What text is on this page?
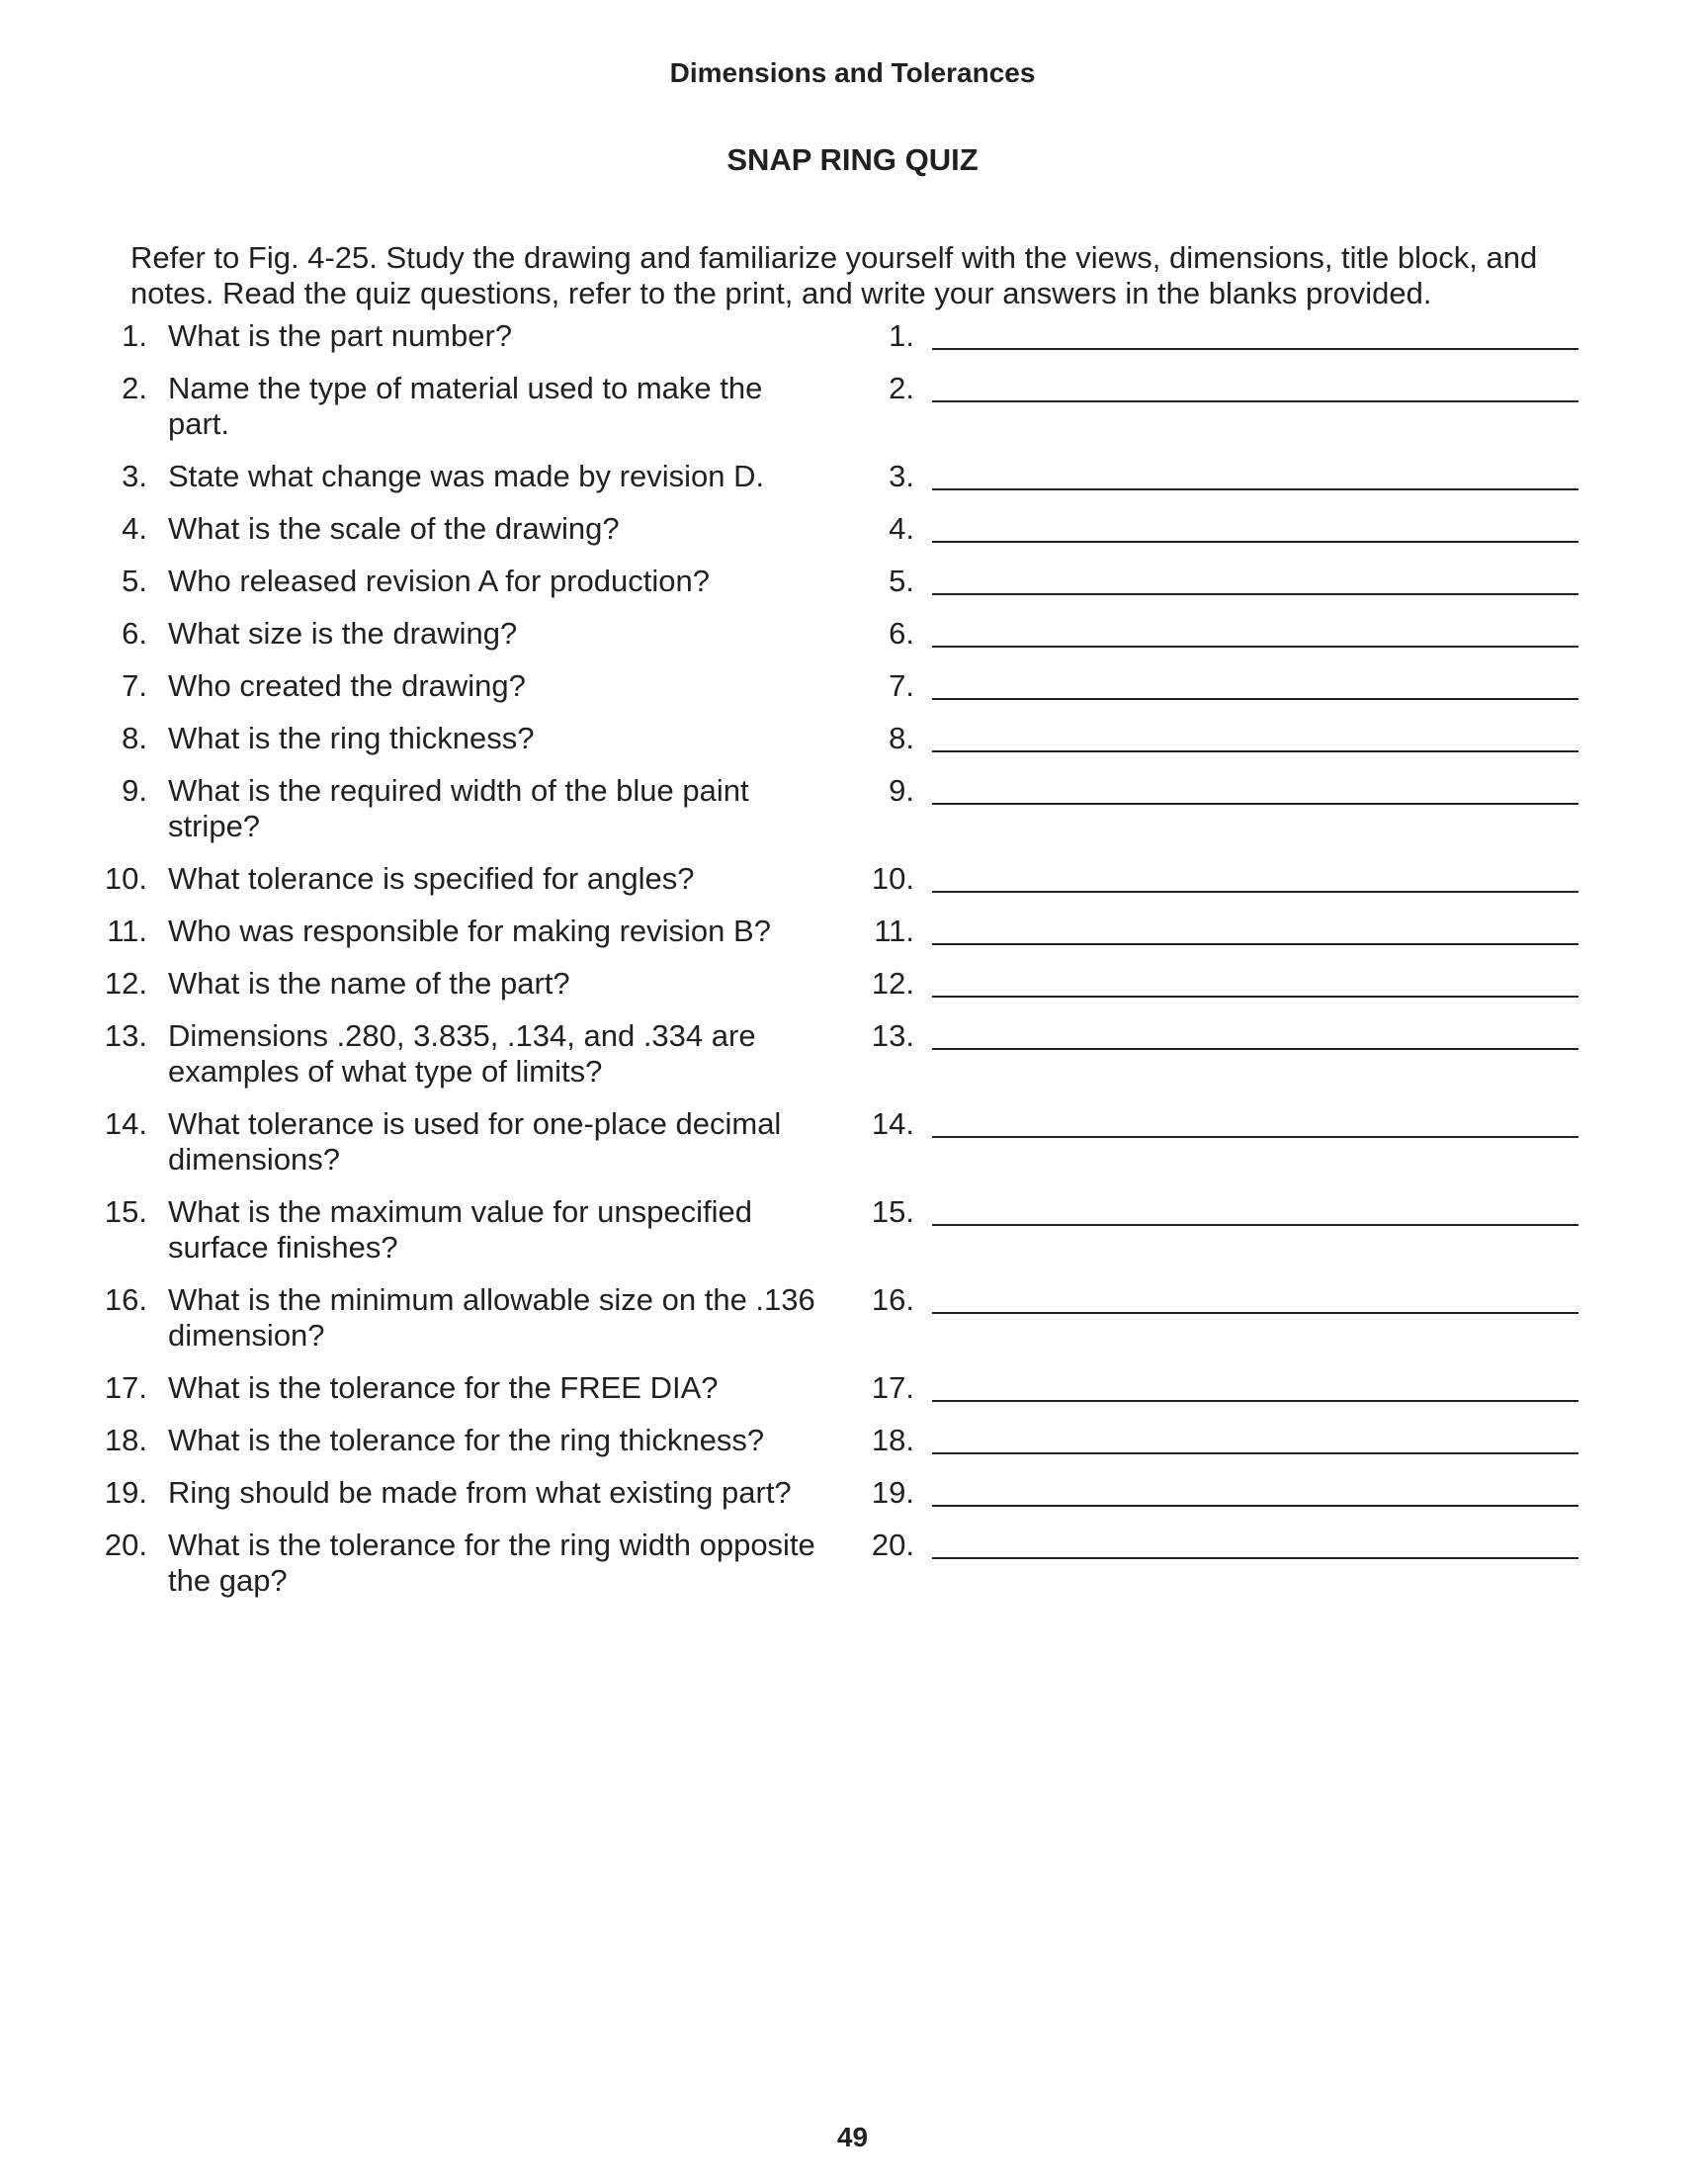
Dimensions and Tolerances
SNAP RING QUIZ

Refer to Fig. 4-25. Study the drawing and familiarize yourself with the views, dimensions, title block, and notes. Read the quiz questions, refer to the print, and write your answers in the blanks provided.

1. What is the part number?	1.
2. Name the type of material used to make the part.
2.
3. State what change was made by revision D.	3.
4. What is the scale of the drawing?	4.
5. Who released revision A for production?	5.
6. What size is the drawing?	6.
7. Who created the drawing?	7.
8. What is the ring thickness?	8.
9. What is the required width of the blue paint stripe?
9.
10. What tolerance is specified for angles?	10.
11. Who was responsible for making revision B?	11.
12. What is the name of the part?	12.
13. Dimensions .280, 3.835, .134, and .334 are examples of what type of limits?
13.
14. What tolerance is used for one-place decimal dimensions?
14.
15. What is the maximum value for unspecified surface finishes?
15.
16. What is the minimum allowable size on the .136 dimension?
16.
17. What is the tolerance for the FREE DIA?	17.
18. What is the tolerance for the ring thickness?	18.
19. Ring should be made from what existing part?	19.
20. What is the tolerance for the ring width opposite the gap?
20.
49
